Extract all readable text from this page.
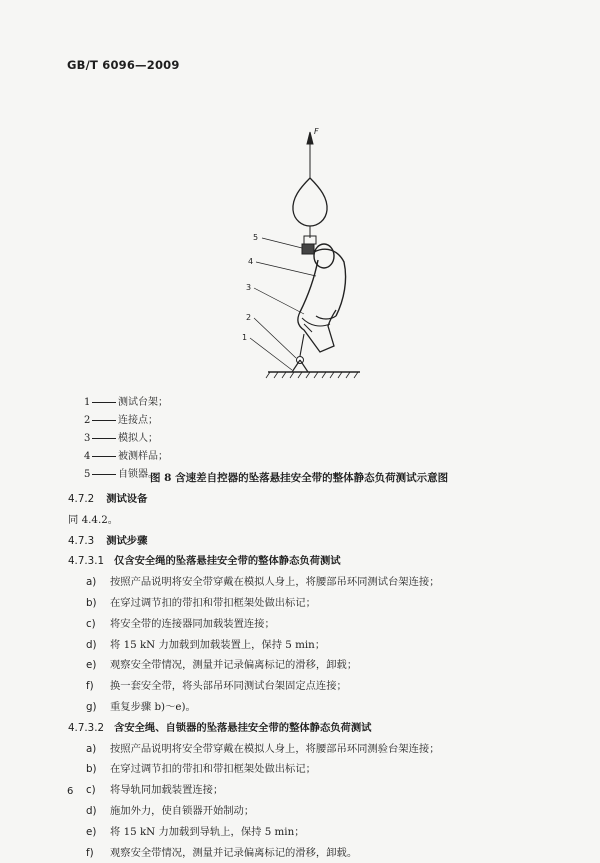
GB/T 6096—2009
F
5
4
3
2
1
1	测试台架；
2	连接点；
3	模拟人；
4	被测样品；
5	自锁器。
图 8 含速差自控器的坠落悬挂安全带的整体静态负荷测试示意图
4.7.2 测试设备
同 4.4.2。
4.7.3 测试步骤
4.7.3.1 仅含安全绳的坠落悬挂安全带的整体静态负荷测试
a) 按照产品说明将安全带穿戴在模拟人身上，将腰部吊环同测试台架连接；
b) 在穿过调节扣的带扣和带扣框架处做出标记；
c) 将安全带的连接器同加载装置连接；
d) 将 15 kN 力加载到加载装置上，保持 5 min；
e) 观察安全带情况，测量并记录偏离标记的滑移，卸载；
f) 换一套安全带，将头部吊环同测试台架固定点连接；
g) 重复步骤 b)～e)。
4.7.3.2 含安全绳、自锁器的坠落悬挂安全带的整体静态负荷测试
a) 按照产品说明将安全带穿戴在模拟人身上，将腰部吊环同测验台架连接；
b) 在穿过调节扣的带扣和带扣框架处做出标记；
c) 将导轨同加载装置连接；
d) 施加外力，使自锁器开始制动；
e) 将 15 kN 力加载到导轨上，保持 5 min；
f) 观察安全带情况，测量并记录偏离标记的滑移，卸载。
6
